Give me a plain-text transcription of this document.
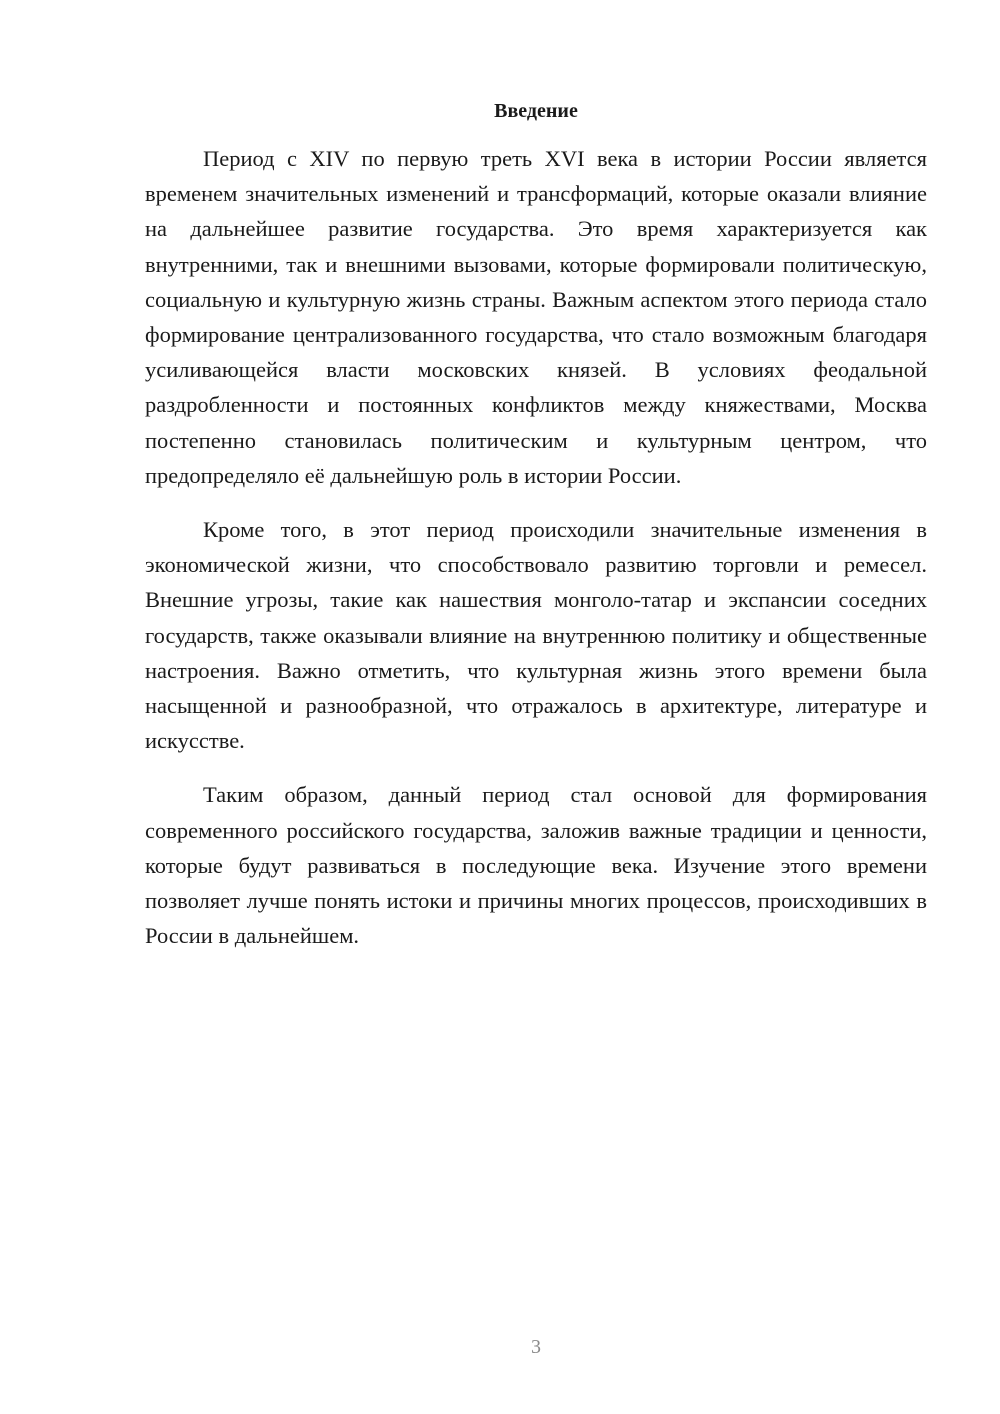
Введение

Период с XIV по первую треть XVI века в истории России является временем значительных изменений и трансформаций, которые оказали влияние на дальнейшее развитие государства. Это время характеризуется как внутренними, так и внешними вызовами, которые формировали политическую, социальную и культурную жизнь страны. Важным аспектом этого периода стало формирование централизованного государства, что стало возможным благодаря усиливающейся власти московских князей. В условиях феодальной раздробленности и постоянных конфликтов между княжествами, Москва постепенно становилась политическим и культурным центром, что предопределяло её дальнейшую роль в истории России.

Кроме того, в этот период происходили значительные изменения в экономической жизни, что способствовало развитию торговли и ремесел. Внешние угрозы, такие как нашествия монголо-татар и экспансии соседних государств, также оказывали влияние на внутреннюю политику и общественные настроения. Важно отметить, что культурная жизнь этого времени была насыщенной и разнообразной, что отражалось в архитектуре, литературе и искусстве.

Таким образом, данный период стал основой для формирования современного российского государства, заложив важные традиции и ценности, которые будут развиваться в последующие века. Изучение этого времени позволяет лучше понять истоки и причины многих процессов, происходивших в России в дальнейшем.

3
